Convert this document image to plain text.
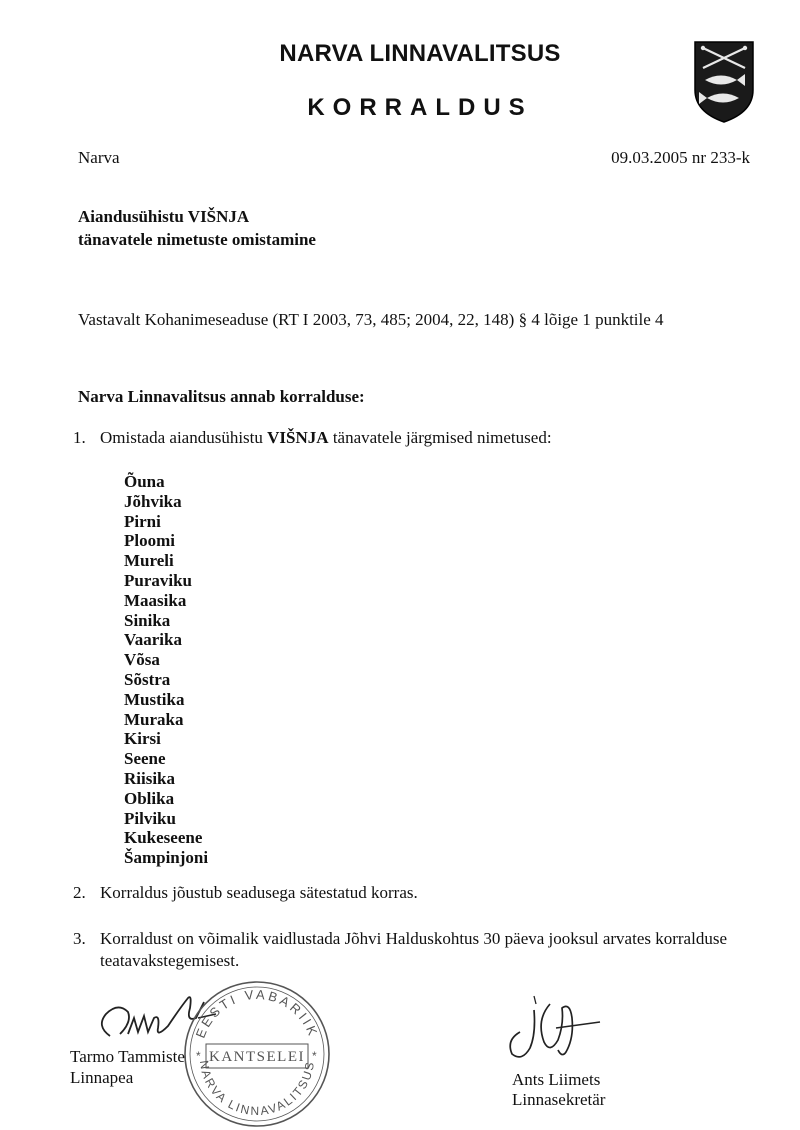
NARVA LINNAVALITSUS
KORRALDUS
Narva	09.03.2005 nr 233-k
Aiandusühistu VIŠNJA
tänavatele nimetuste omistamine
Vastavalt Kohanimeseaduse (RT I 2003, 73, 485; 2004, 22, 148) § 4 lõige 1 punktile 4
Narva Linnavalitsus annab korralduse:
1. Omistada aiandusühistu VIŠNJA tänavatele järgmised nimetused:
Õuna
Jõhvika
Pirni
Ploomi
Mureli
Puraviku
Maasika
Sinika
Vaarika
Võsa
Sõstra
Mustika
Muraka
Kirsi
Seene
Riisika
Oblika
Pilviku
Kukeseene
Šampinjoni
2. Korraldus jõustub seadusega sätestatud korras.
3. Korraldust on võimalik vaidlustada Jõhvi Halduskohtus 30 päeva jooksul arvates korralduse teatavakstegemisest.
EESTI VABARIIK
NARVA LINNAVALITSUS
KANTSELEI
*	*
Tarmo Tammiste
Linnapea	Ants Liimets
Linnasekretär
